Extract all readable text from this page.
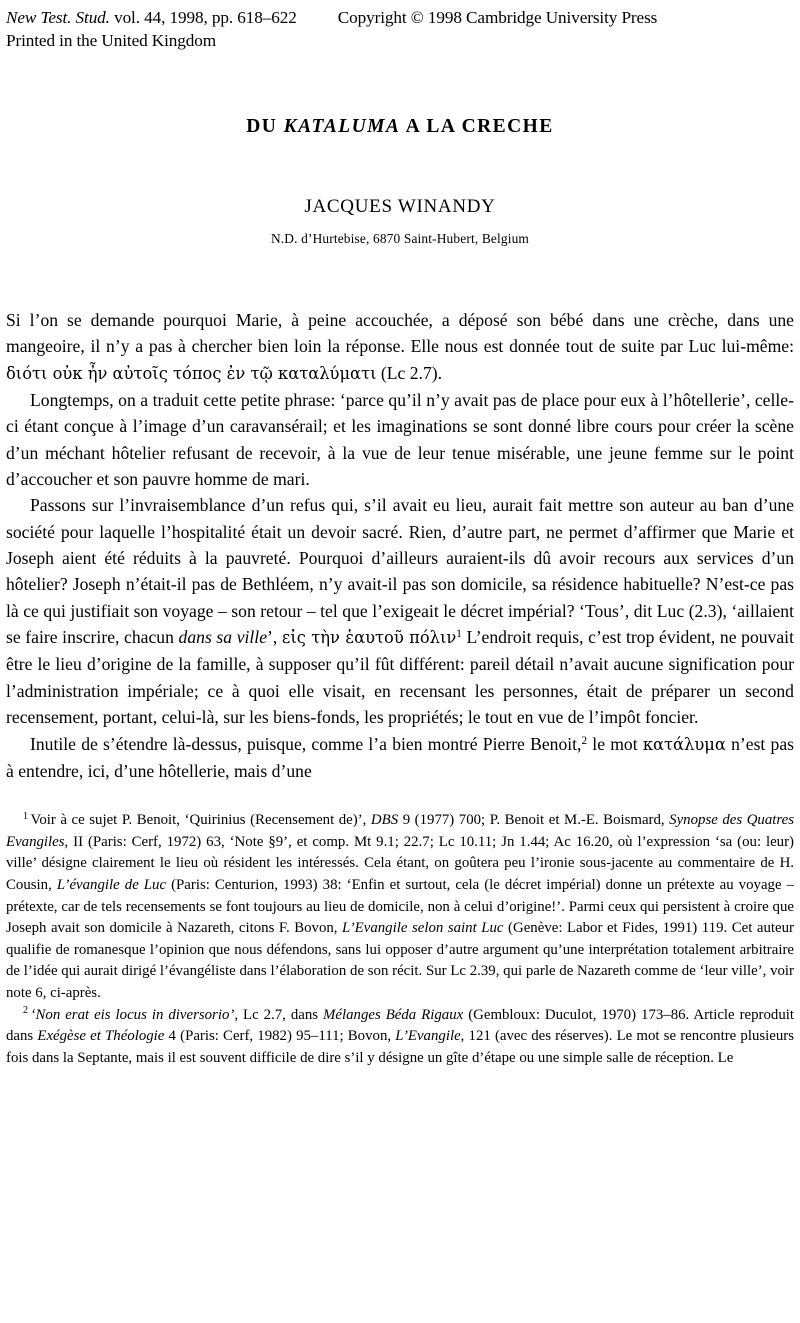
New Test. Stud. vol. 44, 1998, pp. 618–622 Copyright © 1998 Cambridge University Press
Printed in the United Kingdom
DU KATALUMA A LA CRECHE
JACQUES WINANDY
N.D. d’Hurtebise, 6870 Saint-Hubert, Belgium

Si l’on se demande pourquoi Marie, à peine accouchée, a déposé son bébé dans une crèche, dans une mangeoire, il n’y a pas à chercher bien loin la réponse. Elle nous est donnée tout de suite par Luc lui-même: διότι οὐκ ἦν αὐτοῖς τόπος ἐν τῷ καταλύματι (Lc 2.7).

Longtemps, on a traduit cette petite phrase: ‘parce qu’il n’y avait pas de place pour eux à l’hôtellerie’, celle-ci étant conçue à l’image d’un caravansérail; et les imaginations se sont donné libre cours pour créer la scène d’un méchant hôtelier refusant de recevoir, à la vue de leur tenue misérable, une jeune femme sur le point d’accoucher et son pauvre homme de mari.

Passons sur l’invraisemblance d’un refus qui, s’il avait eu lieu, aurait fait mettre son auteur au ban d’une société pour laquelle l’hospitalité était un devoir sacré. Rien, d’autre part, ne permet d’affirmer que Marie et Joseph aient été réduits à la pauvreté. Pourquoi d’ailleurs auraient-ils dû avoir recours aux services d’un hôtelier? Joseph n’était-il pas de Bethléem, n’y avait-il pas son domicile, sa résidence habituelle? N’est-ce pas là ce qui justifiait son voyage – son retour – tel que l’exigeait le décret impérial? ‘Tous’, dit Luc (2.3), ‘aillaient se faire inscrire, chacun dans sa ville’, εἰς τὴν ἑαυτοῦ πόλιν$^1$ L’endroit requis, c’est trop évident, ne pouvait être le lieu d’origine de la famille, à supposer qu’il fût différent: pareil détail n’avait aucune signification pour l’administration impériale; ce à quoi elle visait, en recensant les personnes, était de préparer un second recensement, portant, celui-là, sur les biens-fonds, les propriétés; le tout en vue de l’impôt foncier.

Inutile de s’étendre là-dessus, puisque, comme l’a bien montré Pierre Benoit,$^2$ le mot κατάλυμα n’est pas à entendre, ici, d’une hôtellerie, mais d’une

$^1$ Voir à ce sujet P. Benoit, ‘Quirinius (Recensement de)’, DBS 9 (1977) 700; P. Benoit et M.-E. Boismard, Synopse des Quatres Evangiles, II (Paris: Cerf, 1972) 63, ‘Note §9’, et comp. Mt 9.1; 22.7; Lc 10.11; Jn 1.44; Ac 16.20, où l’expression ‘sa (ou: leur) ville’ désigne clairement le lieu où résident les intéressés. Cela étant, on goûtera peu l’ironie sous-jacente au commentaire de H. Cousin, L’évangile de Luc (Paris: Centurion, 1993) 38: ‘Enfin et surtout, cela (le décret impérial) donne un prétexte au voyage – prétexte, car de tels recensements se font toujours au lieu de domicile, non à celui d’origine!’. Parmi ceux qui persistent à croire que Joseph avait son domicile à Nazareth, citons F. Bovon, L’Evangile selon saint Luc (Genève: Labor et Fides, 1991) 119. Cet auteur qualifie de romanesque l’opinion que nous défendons, sans lui opposer d’autre argument qu’une interprétation totalement arbitraire de l’idée qui aurait dirigé l’évangéliste dans l’élaboration de son récit. Sur Lc 2.39, qui parle de Nazareth comme de ‘leur ville’, voir note 6, ci-après.

$^2$ ‘Non erat eis locus in diversorio’, Lc 2.7, dans Mélanges Béda Rigaux (Gembloux: Duculot, 1970) 173–86. Article reproduit dans Exégèse et Théologie 4 (Paris: Cerf, 1982) 95–111; Bovon, L’Evangile, 121 (avec des réserves). Le mot se rencontre plusieurs fois dans la Septante, mais il est souvent difficile de dire s’il y désigne un gîte d’étape ou une simple salle de réception. Le
